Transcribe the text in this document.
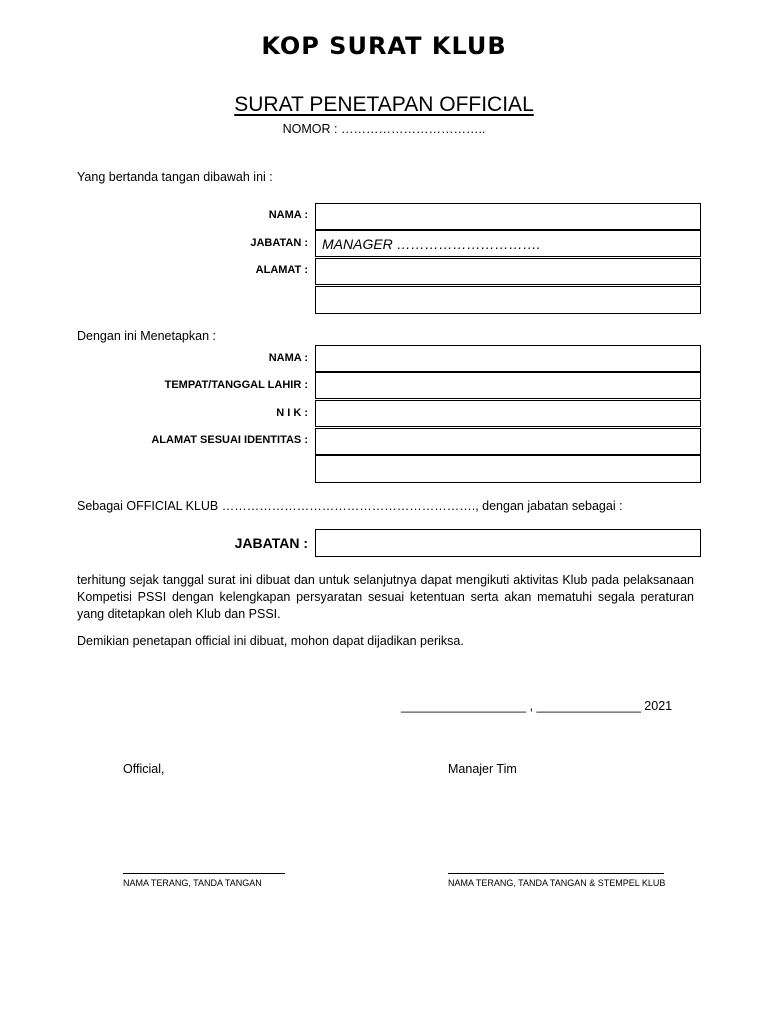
KOP SURAT KLUB
SURAT PENETAPAN OFFICIAL
NOMOR : ……………………………..
Yang bertanda tangan dibawah ini :
NAMA :
JABATAN : MANAGER ………………………….
ALAMAT :
Dengan ini Menetapkan :
NAMA :
TEMPAT/TANGGAL LAHIR :
N I K :
ALAMAT SESUAI IDENTITAS :
Sebagai OFFICIAL KLUB ……………………………………………………., dengan jabatan sebagai :
JABATAN :
terhitung sejak tanggal surat ini dibuat dan untuk selanjutnya dapat mengikuti aktivitas Klub pada pelaksanaan Kompetisi PSSI dengan kelengkapan persyaratan sesuai ketentuan serta akan mematuhi segala peraturan yang ditetapkan oleh Klub dan PSSI.
Demikian penetapan official ini dibuat, mohon dapat dijadikan periksa.
__________________ , _______________ 2021
Official,	Manajer Tim
NAMA TERANG, TANDA TANGAN	NAMA TERANG, TANDA TANGAN & STEMPEL KLUB
